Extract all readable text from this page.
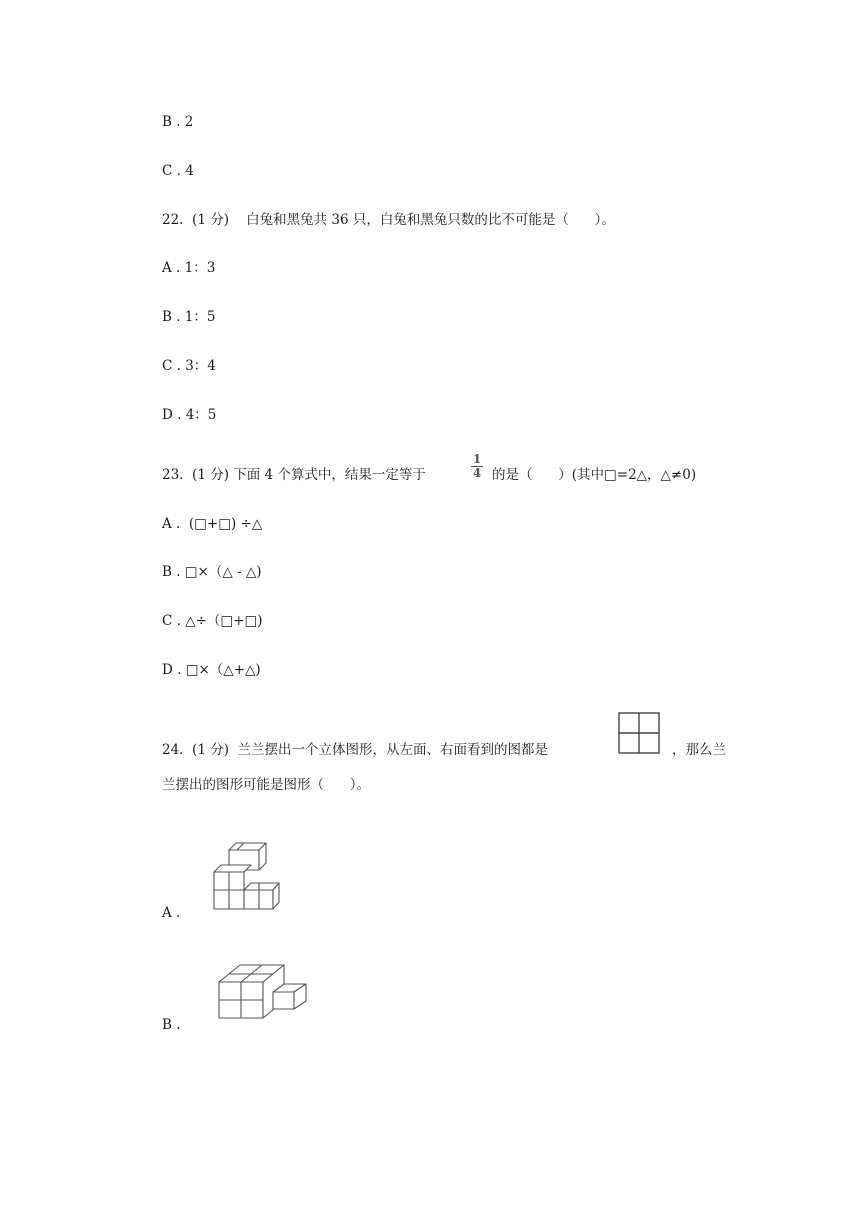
B . 2
C . 4
22.  (1 分)    白兔和黑兔共 36 只，白兔和黑兔只数的比不可能是（      ）。
A . 1：3
B . 1：5
C . 3：4
D . 4：5
23.  (1 分) 下面 4 个算式中，结果一定等于
1
4 的是（      ）(其中□=2△，△≠0)
A .  (□+□) ÷△
B . □×（△ - △)
C . △÷（□+□)
D . □×（△+△)
24.  (1 分)  兰兰摆出一个立体图形，从左面、右面看到的图都是	，那么兰
兰摆出的图形可能是图形（      ）。
A .
B .
